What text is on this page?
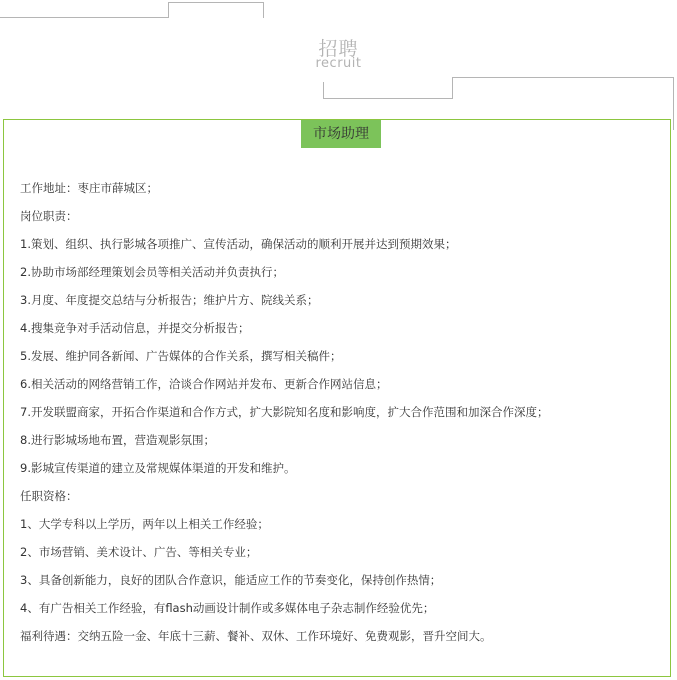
招聘
recruit
市场助理
工作地址：枣庄市薛城区；
岗位职责：
1.策划、组织、执行影城各项推广、宣传活动，确保活动的顺利开展并达到预期效果；
2.协助市场部经理策划会员等相关活动并负责执行；
3.月度、年度提交总结与分析报告；维护片方、院线关系；
4.搜集竞争对手活动信息，并提交分析报告；
5.发展、维护同各新闻、广告媒体的合作关系，撰写相关稿件；
6.相关活动的网络营销工作，洽谈合作网站并发布、更新合作网站信息；
7.开发联盟商家，开拓合作渠道和合作方式，扩大影院知名度和影响度，扩大合作范围和加深合作深度；
8.进行影城场地布置，营造观影氛围；
9.影城宣传渠道的建立及常规媒体渠道的开发和维护。
任职资格：
1、大学专科以上学历，两年以上相关工作经验；
2、市场营销、美术设计、广告、等相关专业；
3、具备创新能力，良好的团队合作意识，能适应工作的节奏变化，保持创作热情；
4、有广告相关工作经验，有flash动画设计制作或多媒体电子杂志制作经验优先；
福利待遇：交纳五险一金、年底十三薪、餐补、双休、工作环境好、免费观影，晋升空间大。
